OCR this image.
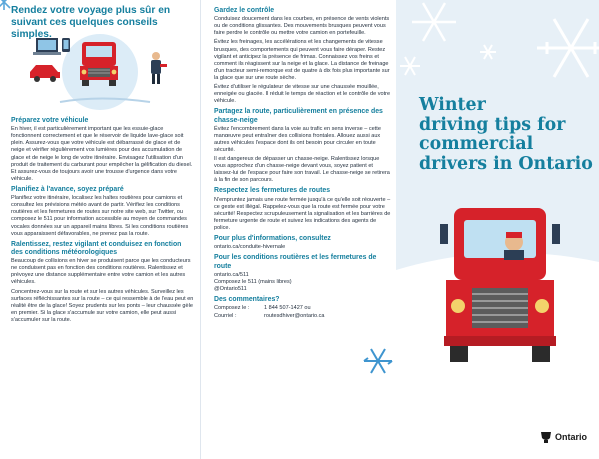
Rendez votre voyage plus sûr en suivant ces quelques conseils simples.
Préparez votre véhicule
En hiver, il est particulièrement important que les essuie-glace fonctionnent correctement et que le réservoir de liquide lave-glace soit plein. Assurez-vous que votre véhicule est débarrassé de glace et de neige et vérifier régulièrement vos lumières pour des accumulation de glace et de neige le long de votre itinéraire. Envisagez l'utilisation d'un produit de traitement du carburant pour empêcher la gélification du diesel. Et assurez-vous de toujours avoir une trousse d'urgence dans votre véhicule.
Planifiez à l'avance, soyez préparé
Planifiez votre itinéraire, localisez les haltes routières pour camions et consultez les prévisions météo avant de partir. Vérifiez les conditions routières et les fermetures de routes sur notre site web, sur Twitter, ou composez le 511 pour information accessible au moyen de commandes vocales données sur un appareil mains libres. Si les conditions routières vous apparaissent défavorables, ne prenez pas la route.
Ralentissez, restez vigilant et conduisez en fonction des conditions météorologiques
Beaucoup de collisions en hiver se produisent parce que les conducteurs ne conduisent pas en fonction des conditions routières. Ralentissez et prévoyez une distance supplémentaire entre votre camion et les autres véhicules.
Concentrez-vous sur la route et sur les autres véhicules. Surveillez les surfaces réfléchissantes sur la route – ce qui ressemble à de l'eau peut en réalité être de la glace! Soyez prudents sur les ponts – leur chaussée gèle en premier. Si la glace s'accumule sur votre camion, elle peut aussi s'accumuler sur la route.
Gardez le contrôle
Conduisez doucement dans les courbes, en présence de vents violents ou de conditions glissantes. Des mouvements brusques peuvent vous faire perdre le contrôle ou mettre votre camion en portefeuille.
Évitez les freinages, les accélérations et les changements de vitesse brusques, des comportements qui peuvent vous faire déraper. Restez vigilant et anticipez la présence de frimas. Connaissez vos freins et comment ils réagissent sur la neige et la glace. La distance de freinage d'un tracteur semi-remorque est de quatre à dix fois plus importante sur la glace que sur une route sèche.
Évitez d'utiliser le régulateur de vitesse sur une chaussée mouillée, enneigée ou glacée. Il réduit le temps de réaction et le contrôle de votre véhicule.
Partagez la route, particulièrement en présence des chasse-neige
Évitez l'encombrement dans la voie au trafic en sens inverse – cette manœuvre peut entraîner des collisions frontales. Allouez aussi aux autres véhicules l'espace dont ils ont besoin pour circuler en toute sécurité.
Il est dangereux de dépasser un chasse-neige. Ralentissez lorsque vous approchez d'un chasse-neige devant vous, soyez patient et laissez-lui de l'espace pour faire son travail. Le chasse-neige se retirera à la fin de son parcours.
Respectez les fermetures de routes
N'empruntez jamais une route fermée jusqu'à ce qu'elle soit réouverte – ce geste est illégal. Rappelez-vous que la route est fermée pour votre sécurité! Respectez scrupuleusement la signalisation et les barrières de fermeture urgente de route et suivez les indications des agents de police.
Pour plus d'informations, consultez
ontario.ca/conduite-hivernale
Pour les conditions routières et les fermetures de route
ontario.ca/511
Composez le 511 (mains libres)
@Ontario511
Des commentaires?
Composez le :	1 844 507-1427 ou
Courriel :	routesdhiver@ontario.ca
Winter
driving tips for
commercial
drivers in Ontario
Ontario
